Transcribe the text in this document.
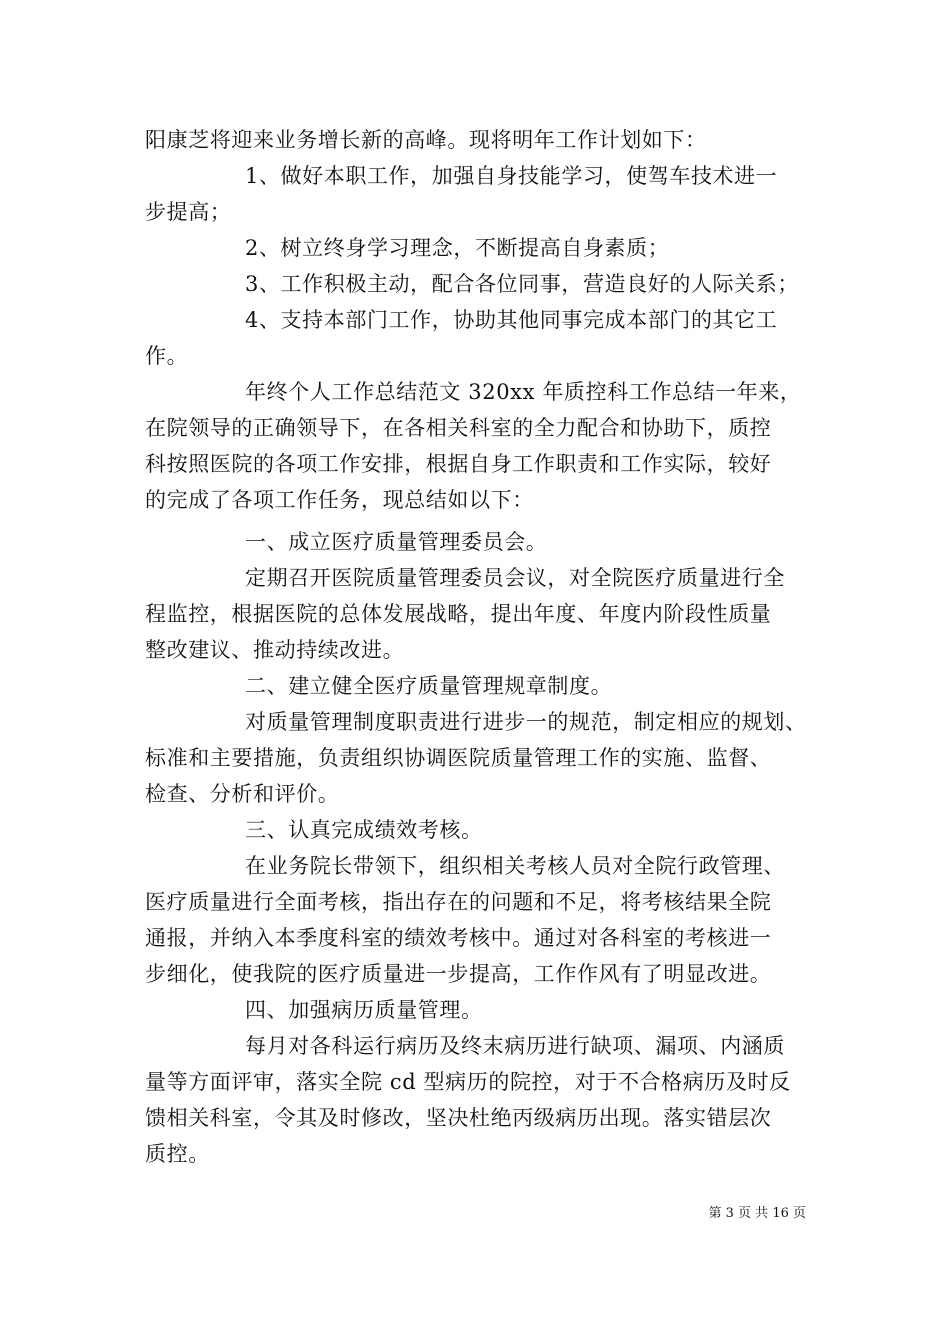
阳康芝将迎来业务增长新的高峰。现将明年工作计划如下：
1、做好本职工作，加强自身技能学习，使驾车技术进一
步提高；
2、树立终身学习理念，不断提高自身素质；
3、工作积极主动，配合各位同事，营造良好的人际关系；
4、支持本部门工作，协助其他同事完成本部门的其它工
作。
年终个人工作总结范文 320xx 年质控科工作总结一年来，
在院领导的正确领导下，在各相关科室的全力配合和协助下，质控
科按照医院的各项工作安排，根据自身工作职责和工作实际，较好
的完成了各项工作任务，现总结如以下：
一、成立医疗质量管理委员会。
定期召开医院质量管理委员会议，对全院医疗质量进行全
程监控，根据医院的总体发展战略，提出年度、年度内阶段性质量
整改建议、推动持续改进。
二、建立健全医疗质量管理规章制度。
对质量管理制度职责进行进步一的规范，制定相应的规划、
标准和主要措施，负责组织协调医院质量管理工作的实施、监督、
检查、分析和评价。
三、认真完成绩效考核。
在业务院长带领下，组织相关考核人员对全院行政管理、
医疗质量进行全面考核，指出存在的问题和不足，将考核结果全院
通报，并纳入本季度科室的绩效考核中。通过对各科室的考核进一
步细化，使我院的医疗质量进一步提高，工作作风有了明显改进。
四、加强病历质量管理。
每月对各科运行病历及终末病历进行缺项、漏项、内涵质
量等方面评审，落实全院 cd 型病历的院控，对于不合格病历及时反
馈相关科室，令其及时修改，坚决杜绝丙级病历出现。落实错层次
质控。
第 3 页 共 16 页
